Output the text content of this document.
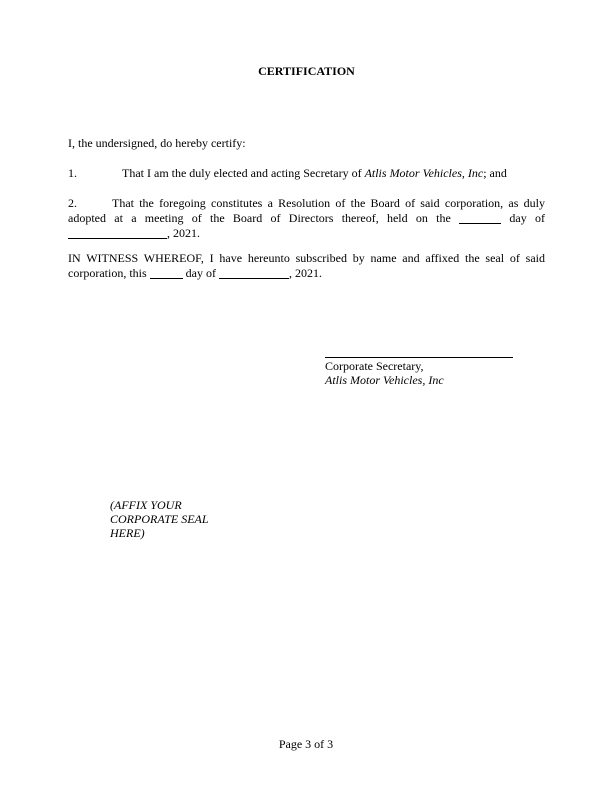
CERTIFICATION
I, the undersigned, do hereby certify:
1.	That I am the duly elected and acting Secretary of Atlis Motor Vehicles, Inc; and
2.	That the foregoing constitutes a Resolution of the Board of said corporation, as duly
adopted at a meeting of the Board of Directors thereof, held on the	day of
, 2021.
IN WITNESS WHEREOF, I have hereunto subscribed by name and affixed the seal of said
corporation, this	day of	, 2021.
Corporate Secretary,
Atlis Motor Vehicles, Inc
(AFFIX YOUR
CORPORATE SEAL
HERE)
Page 3 of 3
